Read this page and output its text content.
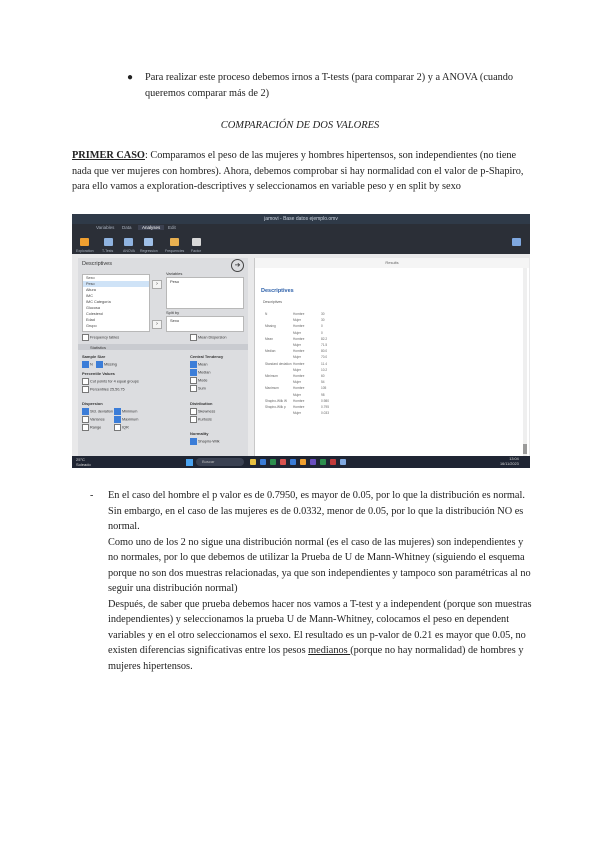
● Para realizar este proceso debemos irnos a T-tests (para comparar 2) y a ANOVA (cuando queremos comparar más de 2)
COMPARACIÓN DE DOS VALORES
PRIMER CASO: Comparamos el peso de las mujeres y hombres hipertensos, son independientes (no tiene nada que ver mujeres con hombres). Ahora, debemos comprobar si hay normalidad con el valor de p-Shapiro, para ello vamos a exploration-descriptives y seleccionamos en variable peso y en split by sexo
jamovi - Base datos ejemplo.omv
Variables Data	Analyses	Edit
Exploration T-Tests	ANOVA Regression Frequencies Factor
Descriptives	➔
Sexo
Peso
Altura
IMC
IMC Categoría
Glucosa
Colesterol
Edad
Grupo
›
›
Variables
Peso
Split by
Sexo
Frequency tables	Mean Dispersion
Statistics
Sample Size
N	Missing
Percentile Values
Cut points for 4 equal groups
Percentiles 25,50,75
Dispersion
Std. deviation	Minimum
Variance	Maximum
Range	IQR
Central Tendency
Mean
Median
Mode
Sum
Distribution
Skewness
Kurtosis
Normality
Shapiro-Wilk
Results
Descriptives
Descriptives
N	Hombre	30
Mujer	30
Missing	Hombre	0
Mujer	0
Mean	Hombre	82.2
Mujer	71.5
Median	Hombre	80.0
Mujer	70.0
Standard deviation Hombre	11.4
Mujer	10.2
Minimum	Hombre	60
Mujer	54
Maximum	Hombre	105
Mujer	98
Shapiro-Wilk W Hombre	0.980
Shapiro-Wilk p Hombre	0.795
Mujer	0.033
25°C
Soleado
Buscar	13:04
16/11/2023
- En el caso del hombre el p valor es de 0.7950, es mayor de 0.05, por lo que la distribución es normal. Sin embargo, en el caso de las mujeres es de 0.0332, menor de 0.05, por lo que la distribución NO es normal.

Como uno de los 2 no sigue una distribución normal (es el caso de las mujeres) son independientes y no normales, por lo que debemos de utilizar la Prueba de U de Mann-Whitney (siguiendo el esquema porque no son dos muestras relacionadas, ya que son independientes y tampoco son paramétricas al no seguir una distribución normal)

Después, de saber que prueba debemos hacer nos vamos a T-test y a independent (porque son muestras independientes) y seleccionamos la prueba U de Mann-Whitney, colocamos el peso en dependent variables y en el otro seleccionamos el sexo. El resultado es un p-valor de 0.21 es mayor que 0.05, no existen diferencias significativas entre los pesos medianos (porque no hay normalidad) de hombres y mujeres hipertensos.
